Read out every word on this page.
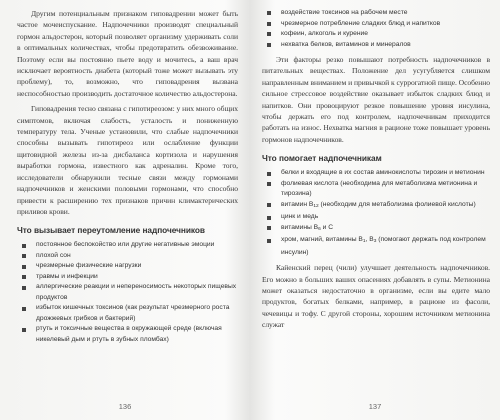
Другим потенциальным признаком гиповадрении может быть частое мочеиспускание. Надпочечники производят специальный гормон альдостерон, который позволяет организму удерживать соли в оптимальных количествах, чтобы предотвратить обезвоживание. Поэтому если вы постоянно пьете воду и мочитесь, а ваш врач исключает вероятность диабета (который тоже может вызывать эту проблему), то, возможно, что гиповадрения вызвана неспособностью производить достаточное количество альдостерона.

Гиповадрения тесно связана с гипотиреозом: у них много общих симптомов, включая слабость, усталость и пониженную температуру тела. Ученые установили, что слабые надпочечники способны вызывать гипотиреоз или ослабление функции щитовидной железы из-за дисбаланса кортизола и нарушения выработки гормона, известного как адреналин. Кроме того, исследователи обнаружили тесные связи между гормонами надпочечников и женскими половыми гормонами, что способно привести к расширению тех признаков причин климактерических приливов крови.

Что вызывает переутомление надпочечников
постоянное беспокойство или другие негативные эмоции
плохой сон
чрезмерные физические нагрузки
травмы и инфекции
аллергические реакции и непереносимость некоторых пищевых продуктов
избыток кишечных токсинов (как результат чрезмерного роста дрожжевых грибков и бактерий)
ртуть и токсичные вещества в окружающей среде (включая никелевый дым и ртуть в зубных пломбах)
136
воздействие токсинов на рабочем месте
чрезмерное потребление сладких блюд и напитков
кофеин, алкоголь и курение
нехватка белков, витаминов и минералов

Эти факторы резко повышают потребность надпочечников в питательных веществах. Положение дел усугубляется слишком направленным вниманием и привычкой к суррогатной пище. Особенно сильное стрессовое воздействие оказывает избыток сладких блюд и напитков. Они провоцируют резкое повышение уровня инсулина, чтобы держать его под контролем, надпочечникам приходится работать на износ. Нехватка магния в рационе тоже повышает уровень гормонов надпочечников.

Что помогает надпочечникам
белки и входящие в их состав аминокислоты тирозин и метионин
фолиевая кислота (необходима для метаболизма метионина и тирозина)
витамин $B_{12}$ (необходим для метаболизма фолиевой кислоты)
цинк и медь
витамины $B_6$ и C
хром, магний, витамины $B_1$, $B_3$ (помогают держать под контролем инсулин)

Кайенский перец (чили) улучшает деятельность надпочечников. Его можно в больших ваших опасениях добавлять в супы. Метионина может оказаться недостаточно в организме, если вы едите мало продуктов, богатых белками, например, в рационе из фасоли, чечевицы и тофу. С другой стороны, хорошим источником метионина служат

137
